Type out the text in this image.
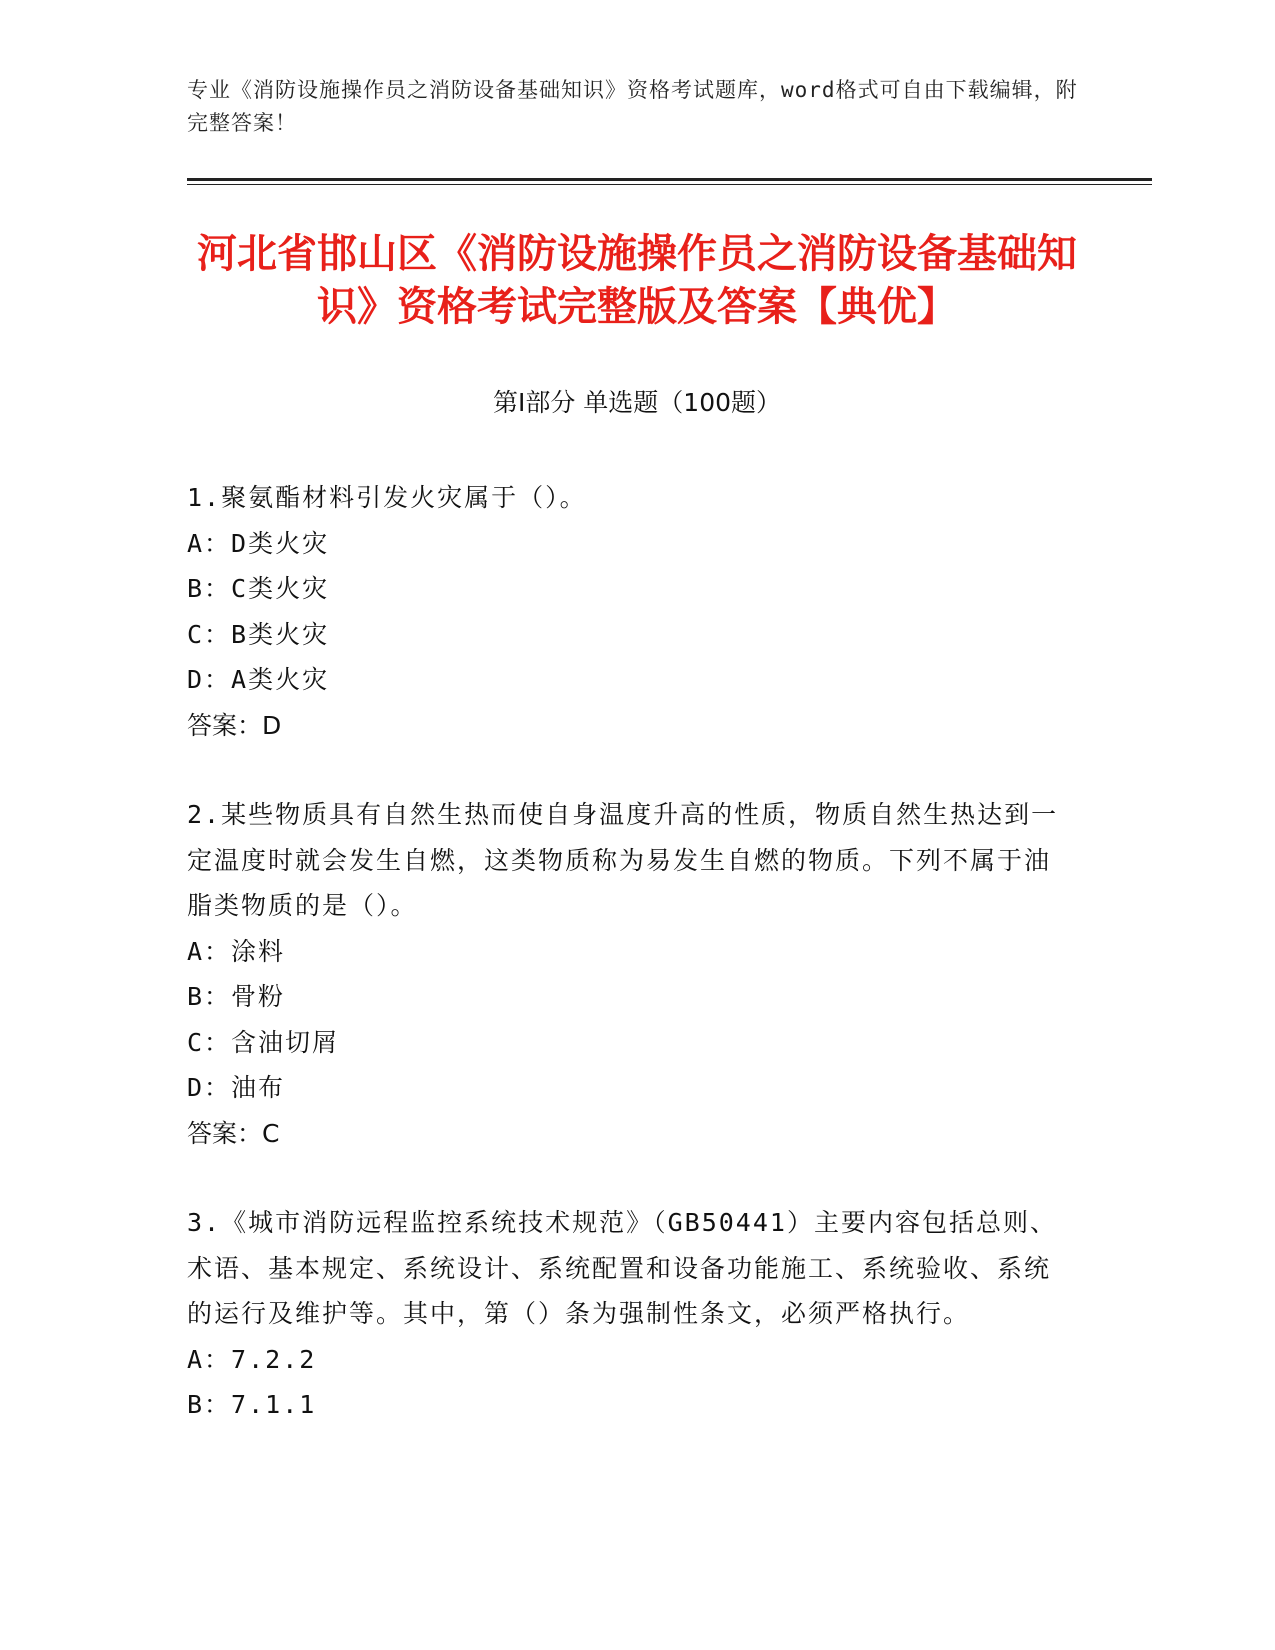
专业《消防设施操作员之消防设备基础知识》资格考试题库，word格式可自由下载编辑，附完整答案！
河北省邯山区《消防设施操作员之消防设备基础知识》资格考试完整版及答案【典优】
第Ⅰ部分 单选题（100题）

1.聚氨酯材料引发火灾属于（）。

A：D类火灾
B：C类火灾
C：B类火灾
D：A类火灾
答案：D

2.某些物质具有自然生热而使自身温度升高的性质，物质自然生热达到一定温度时就会发生自燃，这类物质称为易发生自燃的物质。下列不属于油脂类物质的是（）。

A：涂料
B：骨粉
C：含油切屑
D：油布
答案：C

3.《城市消防远程监控系统技术规范》（GB50441）主要内容包括总则、术语、基本规定、系统设计、系统配置和设备功能施工、系统验收、系统的运行及维护等。其中，第（）条为强制性条文，必须严格执行。

A：7.2.2
B：7.1.1
